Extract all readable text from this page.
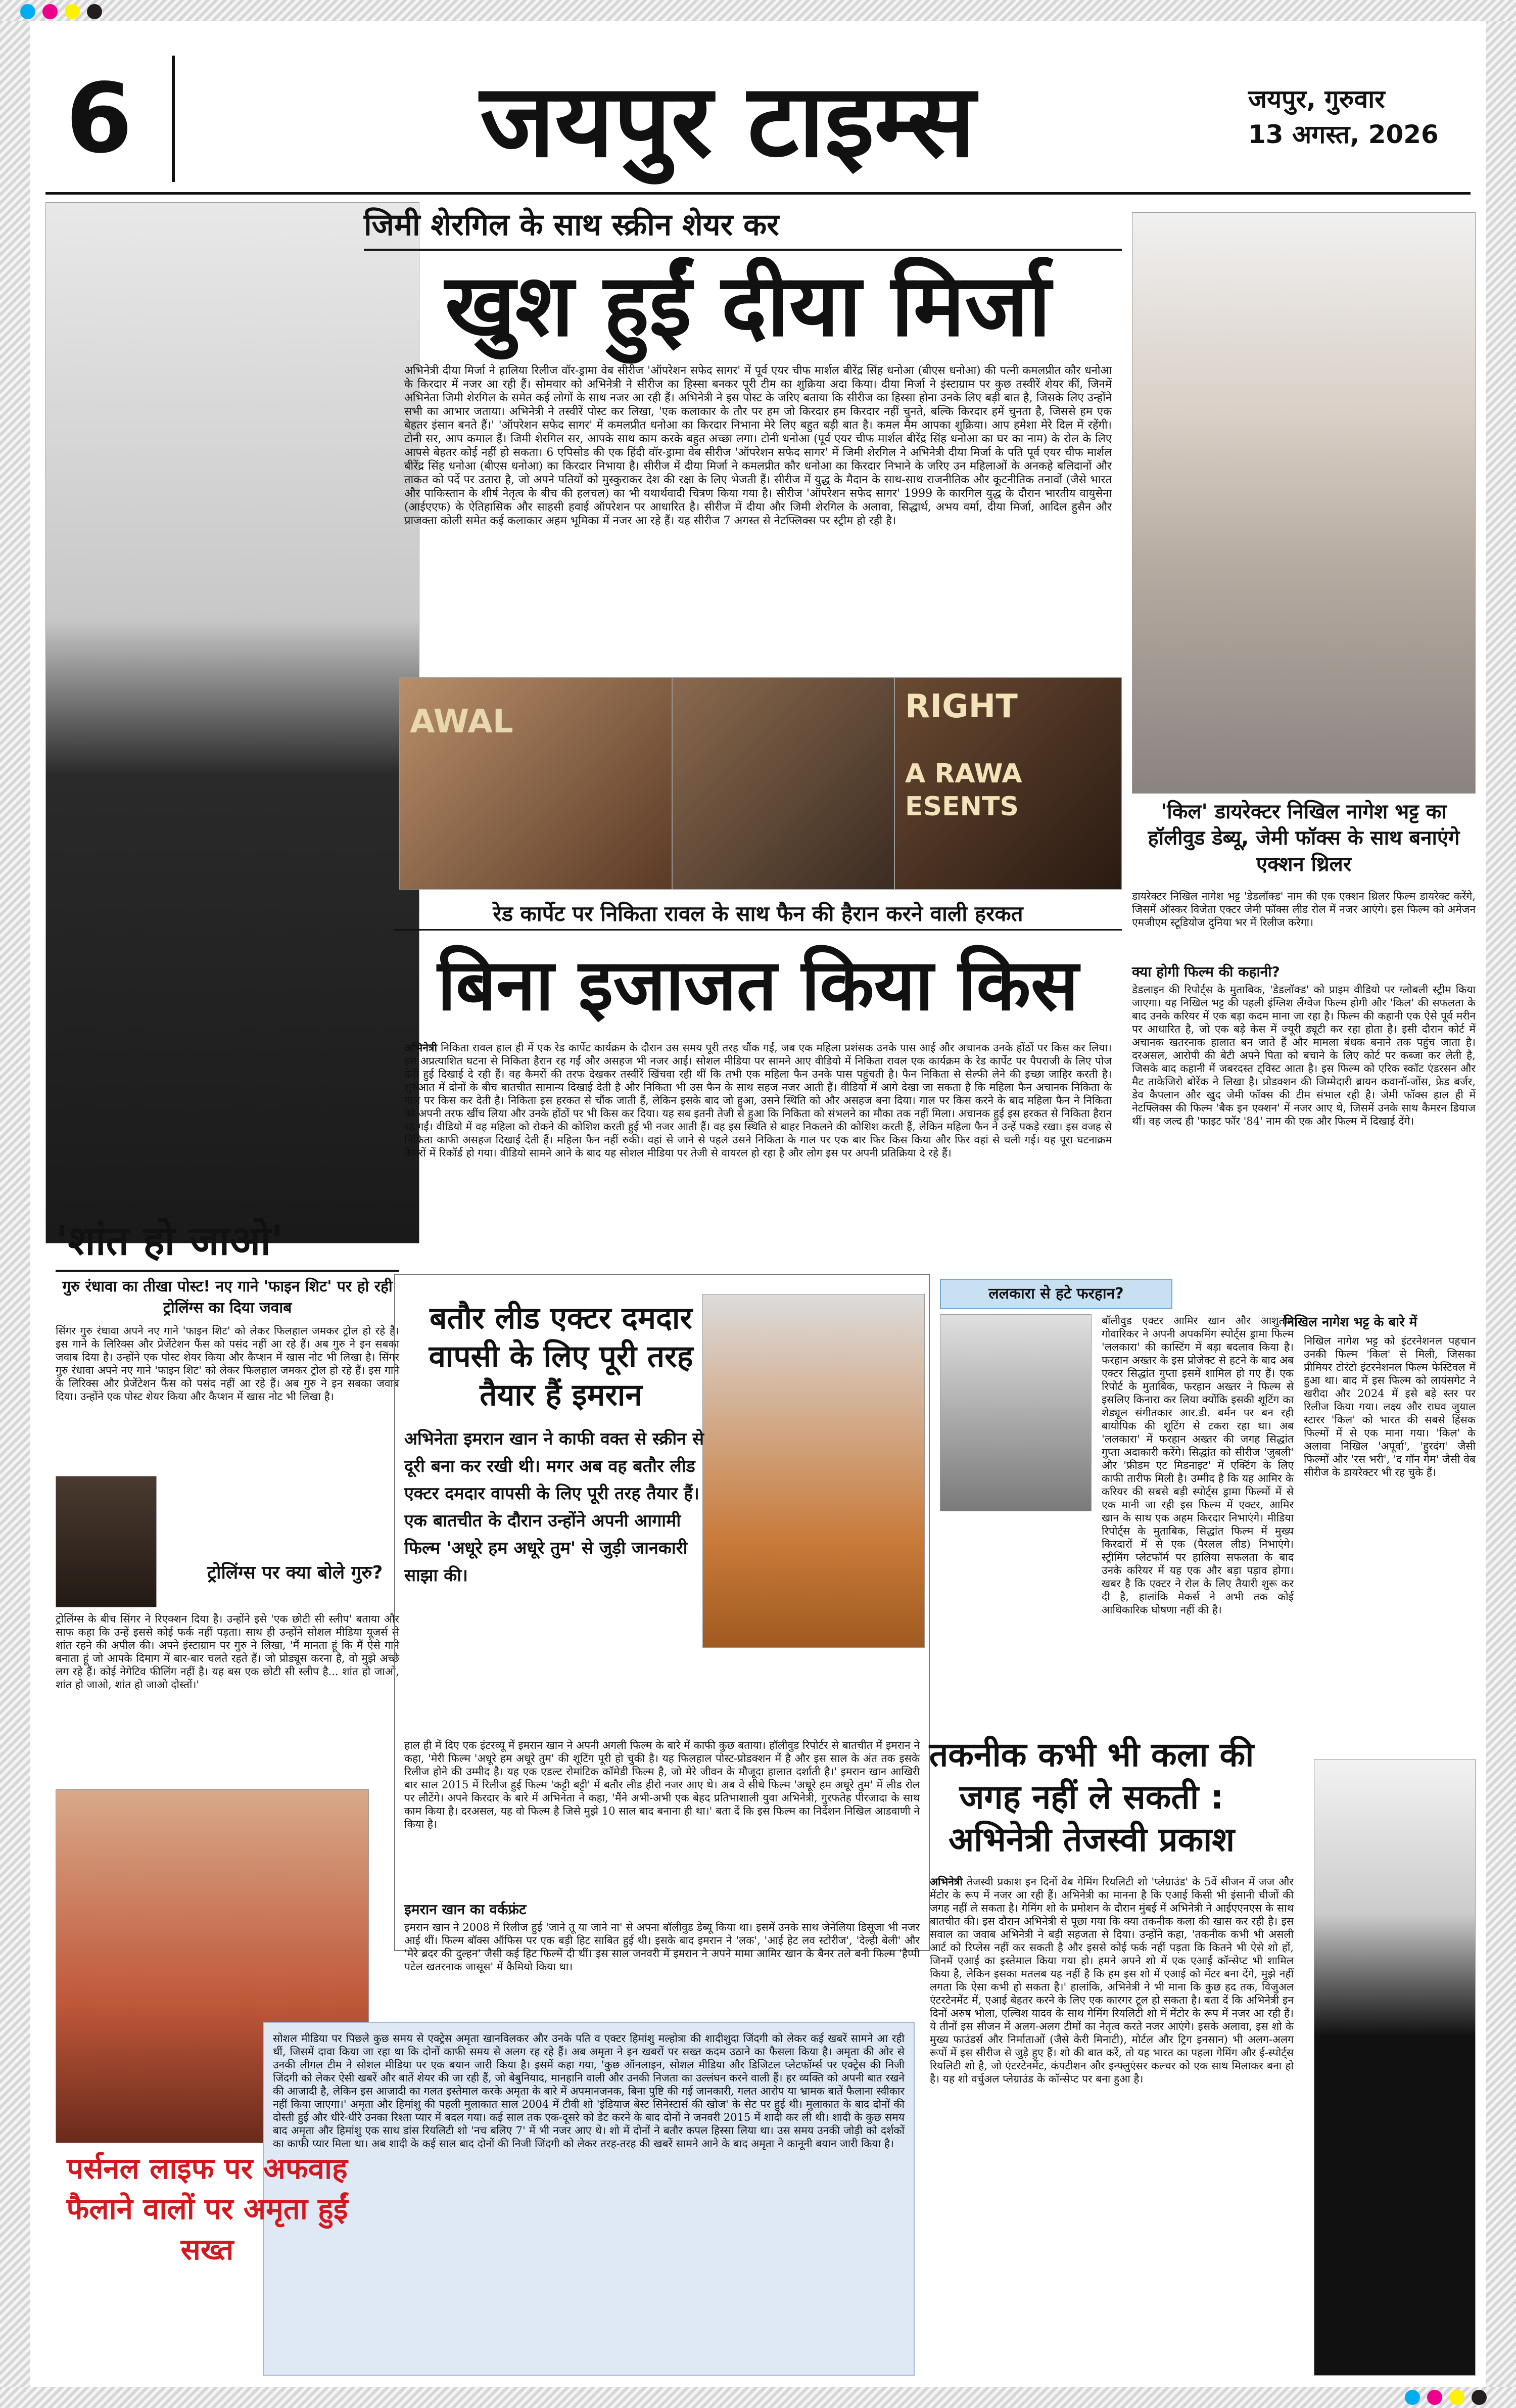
6	जयपुर टाइम्स	जयपुर, गुरुवार
13 अगस्त, 2026
जिमी शेरगिल के साथ स्क्रीन शेयर कर
खुश हुईं दीया मिर्जा
अभिनेत्री दीया मिर्जा ने हालिया रिलीज वॉर-ड्रामा वेब सीरीज 'ऑपरेशन सफेद सागर' में पूर्व एयर चीफ मार्शल बीरेंद्र सिंह धनोआ (बीएस धनोआ) की पत्नी कमलप्रीत कौर धनोआ के किरदार में नजर आ रही हैं। सोमवार को अभिनेत्री ने सीरीज का हिस्सा बनकर पूरी टीम का शुक्रिया अदा किया। दीया मिर्जा ने इंस्टाग्राम पर कुछ तस्वीरें शेयर कीं, जिनमें अभिनेता जिमी शेरगिल के समेत कई लोगों के साथ नजर आ रही हैं। अभिनेत्री ने इस पोस्ट के जरिए बताया कि सीरीज का हिस्सा होना उनके लिए बड़ी बात है, जिसके लिए उन्होंने सभी का आभार जताया। अभिनेत्री ने तस्वीरें पोस्ट कर लिखा, 'एक कलाकार के तौर पर हम जो किरदार हम किरदार नहीं चुनते, बल्कि किरदार हमें चुनता है, जिससे हम एक बेहतर इंसान बनते हैं।' 'ऑपरेशन सफेद सागर' में कमलप्रीत धनोआ का किरदार निभाना मेरे लिए बहुत बड़ी बात है। कमल मैम आपका शुक्रिया। आप हमेशा मेरे दिल में रहेंगी। टोनी सर, आप कमाल हैं। जिमी शेरगिल सर, आपके साथ काम करके बहुत अच्छा लगा। टोनी धनोआ (पूर्व एयर चीफ मार्शल बीरेंद्र सिंह धनोआ का घर का नाम) के रोल के लिए आपसे बेहतर कोई नहीं हो सकता। 6 एपिसोड की एक हिंदी वॉर-ड्रामा वेब सीरीज 'ऑपरेशन सफेद सागर' में जिमी शेरगिल ने अभिनेत्री दीया मिर्जा के पति पूर्व एयर चीफ मार्शल बीरेंद्र सिंह धनोआ (बीएस धनोआ) का किरदार निभाया है। सीरीज में दीया मिर्जा ने कमलप्रीत कौर धनोआ का किरदार निभाने के जरिए उन महिलाओं के अनकहे बलिदानों और ताकत को पर्दे पर उतारा है, जो अपने पतियों को मुस्कुराकर देश की रक्षा के लिए भेजती हैं। सीरीज में युद्ध के मैदान के साथ-साथ राजनीतिक और कूटनीतिक तनावों (जैसे भारत और पाकिस्तान के शीर्ष नेतृत्व के बीच की हलचल) का भी यथार्थवादी चित्रण किया गया है। सीरीज 'ऑपरेशन सफेद सागर' 1999 के कारगिल युद्ध के दौरान भारतीय वायुसेना (आईएएफ) के ऐतिहासिक और साहसी हवाई ऑपरेशन पर आधारित है। सीरीज में दीया और जिमी शेरगिल के अलावा, सिद्धार्थ, अभय वर्मा, दीया मिर्जा, आदिल हुसैन और प्राजक्ता कोली समेत कई कलाकार अहम भूमिका में नजर आ रहे हैं। यह सीरीज 7 अगस्त से नेटफ्लिक्स पर स्ट्रीम हो रही है।
AWAL	RIGHT
A RAWA
ESENTS
रेड कार्पेट पर निकिता रावल के साथ फैन की हैरान करने वाली हरकत
बिना इजाजत किया किस
अभिनेत्री निकिता रावल हाल ही में एक रेड कार्पेट कार्यक्रम के दौरान उस समय पूरी तरह चौंक गईं, जब एक महिला प्रशंसक उनके पास आई और अचानक उनके होंठों पर किस कर लिया। इस अप्रत्याशित घटना से निकिता हैरान रह गईं और असहज भी नजर आईं। सोशल मीडिया पर सामने आए वीडियो में निकिता रावल एक कार्यक्रम के रेड कार्पेट पर पैपराजी के लिए पोज देती हुई दिखाई दे रही हैं। वह कैमरों की तरफ देखकर तस्वीरें खिंचवा रही थीं कि तभी एक महिला फैन उनके पास पहुंचती है। फैन निकिता से सेल्फी लेने की इच्छा जाहिर करती है। शुरुआत में दोनों के बीच बातचीत सामान्य दिखाई देती है और निकिता भी उस फैन के साथ सहज नजर आती हैं। वीडियो में आगे देखा जा सकता है कि महिला फैन अचानक निकिता के गाल पर किस कर देती है। निकिता इस हरकत से चौंक जाती हैं, लेकिन इसके बाद जो हुआ, उसने स्थिति को और असहज बना दिया। गाल पर किस करने के बाद महिला फैन ने निकिता को अपनी तरफ खींच लिया और उनके होंठों पर भी किस कर दिया। यह सब इतनी तेजी से हुआ कि निकिता को संभलने का मौका तक नहीं मिला। अचानक हुई इस हरकत से निकिता हैरान रह गईं। वीडियो में वह महिला को रोकने की कोशिश करती हुई भी नजर आती हैं। वह इस स्थिति से बाहर निकलने की कोशिश करती हैं, लेकिन महिला फैन ने उन्हें पकड़े रखा। इस वजह से निकिता काफी असहज दिखाई देती हैं। महिला फैन नहीं रुकी। वहां से जाने से पहले उसने निकिता के गाल पर एक बार फिर किस किया और फिर वहां से चली गई। यह पूरा घटनाक्रम कैमरों में रिकॉर्ड हो गया। वीडियो सामने आने के बाद यह सोशल मीडिया पर तेजी से वायरल हो रहा है और लोग इस पर अपनी प्रतिक्रिया दे रहे हैं।
'किल' डायरेक्टर निखिल नागेश भट्ट का हॉलीवुड डेब्यू, जेमी फॉक्स के साथ बनाएंगे एक्शन थ्रिलर
डायरेक्टर निखिल नागेश भट्ट 'डेडलॉक्ड' नाम की एक एक्शन थ्रिलर फिल्म डायरेक्ट करेंगे, जिसमें ऑस्कर विजेता एक्टर जेमी फॉक्स लीड रोल में नजर आएंगे। इस फिल्म को अमेजन एमजीएम स्टूडियोज दुनिया भर में रिलीज करेगा।
क्या होगी फिल्म की कहानी?
डेडलाइन की रिपोर्ट्स के मुताबिक, 'डेडलॉक्ड' को प्राइम वीडियो पर ग्लोबली स्ट्रीम किया जाएगा। यह निखिल भट्ट की पहली इंग्लिश लैंग्वेज फिल्म होगी और 'किल' की सफलता के बाद उनके करियर में एक बड़ा कदम माना जा रहा है। फिल्म की कहानी एक ऐसे पूर्व मरीन पर आधारित है, जो एक बड़े केस में ज्यूरी ड्यूटी कर रहा होता है। इसी दौरान कोर्ट में अचानक खतरनाक हालात बन जाते हैं और मामला बंधक बनाने तक पहुंच जाता है। दरअसल, आरोपी की बेटी अपने पिता को बचाने के लिए कोर्ट पर कब्जा कर लेती है, जिसके बाद कहानी में जबरदस्त ट्विस्ट आता है। इस फिल्म को एरिक स्कॉट एंडरसन और मैट ताकेजिरो बोरेंक ने लिखा है। प्रोडक्शन की जिम्मेदारी ब्रायन कवानॉ-जोंस, फ्रेड बर्जर, डेव कैपलान और खुद जेमी फॉक्स की टीम संभाल रही है। जेमी फॉक्स हाल ही में नेटफ्लिक्स की फिल्म 'बैक इन एक्शन' में नजर आए थे, जिसमें उनके साथ कैमरन डियाज थीं। वह जल्द ही 'फाइट फॉर '84' नाम की एक और फिल्म में दिखाई देंगे।
निखिल नागेश भट्ट के बारे में
निखिल नागेश भट्ट को इंटरनेशनल पहचान उनकी फिल्म 'किल' से मिली, जिसका प्रीमियर टोरंटो इंटरनेशनल फिल्म फेस्टिवल में हुआ था। बाद में इस फिल्म को लायंसगेट ने खरीदा और 2024 में इसे बड़े स्तर पर रिलीज किया गया। लक्ष्य और राघव जुयाल स्टारर 'किल' को भारत की सबसे हिंसक फिल्मों में से एक माना गया। 'किल' के अलावा निखिल 'अपूर्वा', 'हुरदंग' जैसी फिल्मों और 'रस भरी', 'द गॉन गेम' जैसी वेब सीरीज के डायरेक्टर भी रह चुके हैं।
'शांत हो जाओ'
गुरु रंधावा का तीखा पोस्ट! नए गाने 'फाइन शिट' पर हो रही ट्रोलिंग्स का दिया जवाब
सिंगर गुरु रंधावा अपने नए गाने 'फाइन शिट' को लेकर फिलहाल जमकर ट्रोल हो रहे हैं। इस गाने के लिरिक्स और प्रेजेंटेशन फैंस को पसंद नहीं आ रहे हैं। अब गुरु ने इन सबका जवाब दिया है। उन्होंने एक पोस्ट शेयर किया और कैप्शन में खास नोट भी लिखा है। सिंगर गुरु रंधावा अपने नए गाने 'फाइन शिट' को लेकर फिलहाल जमकर ट्रोल हो रहे हैं। इस गाने के लिरिक्स और प्रेजेंटेशन फैंस को पसंद नहीं आ रहे हैं। अब गुरु ने इन सबका जवाब दिया। उन्होंने एक पोस्ट शेयर किया और कैप्शन में खास नोट भी लिखा है।
ट्रोलिंग्स पर क्या बोले गुरु?
ट्रोलिंग्स के बीच सिंगर ने रिएक्शन दिया है। उन्होंने इसे 'एक छोटी सी स्लीप' बताया और साफ कहा कि उन्हें इससे कोई फर्क नहीं पड़ता। साथ ही उन्होंने सोशल मीडिया यूजर्स से शांत रहने की अपील की। अपने इंस्टाग्राम पर गुरु ने लिखा, 'मैं मानता हूं कि मैं ऐसे गाने बनाता हूं जो आपके दिमाग में बार-बार चलते रहते हैं। जो प्रोड्यूस करना है, वो मुझे अच्छे लग रहे हैं। कोई नेगेटिव फीलिंग नहीं है। यह बस एक छोटी सी स्लीप है... शांत हो जाओ, शांत हो जाओ, शांत हो जाओ दोस्तों।'
बतौर लीड एक्टर दमदार वापसी के लिए पूरी तरह तैयार हैं इमरान
अभिनेता इमरान खान ने काफी वक्त से स्क्रीन से दूरी बना कर रखी थी। मगर अब वह बतौर लीड एक्टर दमदार वापसी के लिए पूरी तरह तैयार हैं। एक बातचीत के दौरान उन्होंने अपनी आगामी फिल्म 'अधूरे हम अधूरे तुम' से जुड़ी जानकारी साझा की।
हाल ही में दिए एक इंटरव्यू में इमरान खान ने अपनी अगली फिल्म के बारे में काफी कुछ बताया। हॉलीवुड रिपोर्टर से बातचीत में इमरान ने कहा, 'मेरी फिल्म 'अधूरे हम अधूरे तुम' की शूटिंग पूरी हो चुकी है। यह फिलहाल पोस्ट-प्रोडक्शन में है और इस साल के अंत तक इसके रिलीज होने की उम्मीद है। यह एक एडल्ट रोमांटिक कॉमेडी फिल्म है, जो मेरे जीवन के मौजूदा हालात दर्शाती है।' इमरान खान आखिरी बार साल 2015 में रिलीज हुई फिल्म 'कट्टी बट्टी' में बतौर लीड हीरो नजर आए थे। अब वे सीधे फिल्म 'अधूरे हम अधूरे तुम' में लीड रोल पर लौटेंगे। अपने किरदार के बारे में अभिनेता ने कहा, 'मैंने अभी-अभी एक बेहद प्रतिभाशाली युवा अभिनेत्री, गुरफतेह पीरजादा के साथ काम किया है। दरअसल, यह वो फिल्म है जिसे मुझे 10 साल बाद बनाना ही था।' बता दें कि इस फिल्म का निर्देशन निखिल आडवाणी ने किया है।
इमरान खान का वर्कफ्रंट
इमरान खान ने 2008 में रिलीज हुई 'जाने तू या जाने ना' से अपना बॉलीवुड डेब्यू किया था। इसमें उनके साथ जेनेलिया डिसूजा भी नजर आई थीं। फिल्म बॉक्स ऑफिस पर एक बड़ी हिट साबित हुई थी। इसके बाद इमरान ने 'लक', 'आई हेट लव स्टोरीज', 'देल्ही बेली' और 'मेरे ब्रदर की दुल्हन' जैसी कई हिट फिल्में दी थीं। इस साल जनवरी में इमरान ने अपने मामा आमिर खान के बैनर तले बनी फिल्म 'हैप्पी पटेल खतरनाक जासूस' में कैमियो किया था।
ललकारा से हटे फरहान?
बॉलीवुड एक्टर आमिर खान और आशुतोष गोवारिकर ने अपनी अपकमिंग स्पोर्ट्स ड्रामा फिल्म 'ललकारा' की कास्टिंग में बड़ा बदलाव किया है। फरहान अख्तर के इस प्रोजेक्ट से हटने के बाद अब एक्टर सिद्धांत गुप्ता इसमें शामिल हो गए हैं। एक रिपोर्ट के मुताबिक, फरहान अख्तर ने फिल्म से इसलिए किनारा कर लिया क्योंकि इसकी शूटिंग का शेड्यूल संगीतकार आर.डी. बर्मन पर बन रही बायोपिक की शूटिंग से टकरा रहा था। अब 'ललकारा' में फरहान अख्तर की जगह सिद्धांत गुप्ता अदाकारी करेंगे। सिद्धांत को सीरीज 'जुबली' और 'फ्रीडम एट मिडनाइट' में एक्टिंग के लिए काफी तारीफ मिली है। उम्मीद है कि यह आमिर के करियर की सबसे बड़ी स्पोर्ट्स ड्रामा फिल्मों में से एक मानी जा रही इस फिल्म में एक्टर, आमिर खान के साथ एक अहम किरदार निभाएंगे। मीडिया रिपोर्ट्स के मुताबिक, सिद्धांत फिल्म में मुख्य किरदारों में से एक (पैरलल लीड) निभाएंगे। स्ट्रीमिंग प्लेटफॉर्म पर हालिया सफलता के बाद उनके करियर में यह एक और बड़ा पड़ाव होगा। खबर है कि एक्टर ने रोल के लिए तैयारी शुरू कर दी है, हालांकि मेकर्स ने अभी तक कोई आधिकारिक घोषणा नहीं की है।
तकनीक कभी भी कला की जगह नहीं ले सकती : अभिनेत्री तेजस्वी प्रकाश
अभिनेत्री तेजस्वी प्रकाश इन दिनों वेब गेमिंग रियलिटी शो 'प्लेग्राउंड' के 5वें सीजन में जज और मेंटोर के रूप में नजर आ रही हैं। अभिनेत्री का मानना है कि एआई किसी भी इंसानी चीजों की जगह नहीं ले सकता है। गेमिंग शो के प्रमोशन के दौरान मुंबई में अभिनेत्री ने आईएएनएस के साथ बातचीत की। इस दौरान अभिनेत्री से पूछा गया कि क्या तकनीक कला की खास कर रही है। इस सवाल का जवाब अभिनेत्री ने बड़ी सहजता से दिया। उन्होंने कहा, 'तकनीक कभी भी असली आर्ट को रिप्लेस नहीं कर सकती है और इससे कोई फर्क नहीं पड़ता कि कितने भी ऐसे शो हों, जिनमें एआई का इस्तेमाल किया गया हो। हमने अपने शो में एक एआई कॉन्सेप्ट भी शामिल किया है, लेकिन इसका मतलब यह नहीं है कि हम इस शो में एआई को मेंटर बना देंगे, मुझे नहीं लगता कि ऐसा कभी हो सकता है।' हालांकि, अभिनेत्री ने भी माना कि कुछ हद तक, विजुअल एंटरटेनमेंट में, एआई बेहतर करने के लिए एक कारगर टूल हो सकता है। बता दें कि अभिनेत्री इन दिनों अरुष भोला, एल्विश यादव के साथ गेमिंग रियलिटी शो में मेंटोर के रूप में नजर आ रही हैं। ये तीनों इस सीजन में अलग-अलग टीमों का नेतृत्व करते नजर आएंगे। इसके अलावा, इस शो के मुख्य फाउंडर्स और निर्माताओं (जैसे केरी मिनाटी), मोर्टल और ट्रिग इनसान) भी अलग-अलग रूपों में इस सीरीज से जुड़े हुए हैं। शो की बात करें, तो यह भारत का पहला गेमिंग और ई-स्पोर्ट्स रियलिटी शो है, जो एंटरटेनमेंट, कंपटीशन और इन्फ्लुएंसर कल्चर को एक साथ मिलाकर बना हो है। यह शो वर्चुअल प्लेग्राउंड के कॉन्सेप्ट पर बना हुआ है।
पर्सनल लाइफ पर अफवाह फैलाने वालों पर अमृता हुईं सख्त
सोशल मीडिया पर पिछले कुछ समय से एक्ट्रेस अमृता खानविलकर और उनके पति व एक्टर हिमांशु मल्होत्रा की शादीशुदा जिंदगी को लेकर कई खबरें सामने आ रही थीं, जिसमें दावा किया जा रहा था कि दोनों काफी समय से अलग रह रहे हैं। अब अमृता ने इन खबरों पर सख्त कदम उठाने का फैसला किया है। अमृता की ओर से उनकी लीगल टीम ने सोशल मीडिया पर एक बयान जारी किया है। इसमें कहा गया, 'कुछ ऑनलाइन, सोशल मीडिया और डिजिटल प्लेटफॉर्म्स पर एक्ट्रेस की निजी जिंदगी को लेकर ऐसी खबरें और बातें शेयर की जा रही हैं, जो बेबुनियाद, मानहानि वाली और उनकी निजता का उल्लंघन करने वाली हैं। हर व्यक्ति को अपनी बात रखने की आजादी है, लेकिन इस आजादी का गलत इस्तेमाल करके अमृता के बारे में अपमानजनक, बिना पुष्टि की गई जानकारी, गलत आरोप या भ्रामक बातें फैलाना स्वीकार नहीं किया जाएगा।' अमृता और हिमांशु की पहली मुलाकात साल 2004 में टीवी शो 'इंडियाज बेस्ट सिनेस्टार्स की खोज' के सेट पर हुई थी। मुलाकात के बाद दोनों की दोस्ती हुई और धीरे-धीरे उनका रिश्ता प्यार में बदल गया। कई साल तक एक-दूसरे को डेट करने के बाद दोनों ने जनवरी 2015 में शादी कर ली थी। शादी के कुछ समय बाद अमृता और हिमांशु एक साथ डांस रियलिटी शो 'नच बलिए 7' में भी नजर आए थे। शो में दोनों ने बतौर कपल हिस्सा लिया था। उस समय उनकी जोड़ी को दर्शकों का काफी प्यार मिला था। अब शादी के कई साल बाद दोनों की निजी जिंदगी को लेकर तरह-तरह की खबरें सामने आने के बाद अमृता ने कानूनी बयान जारी किया है।
